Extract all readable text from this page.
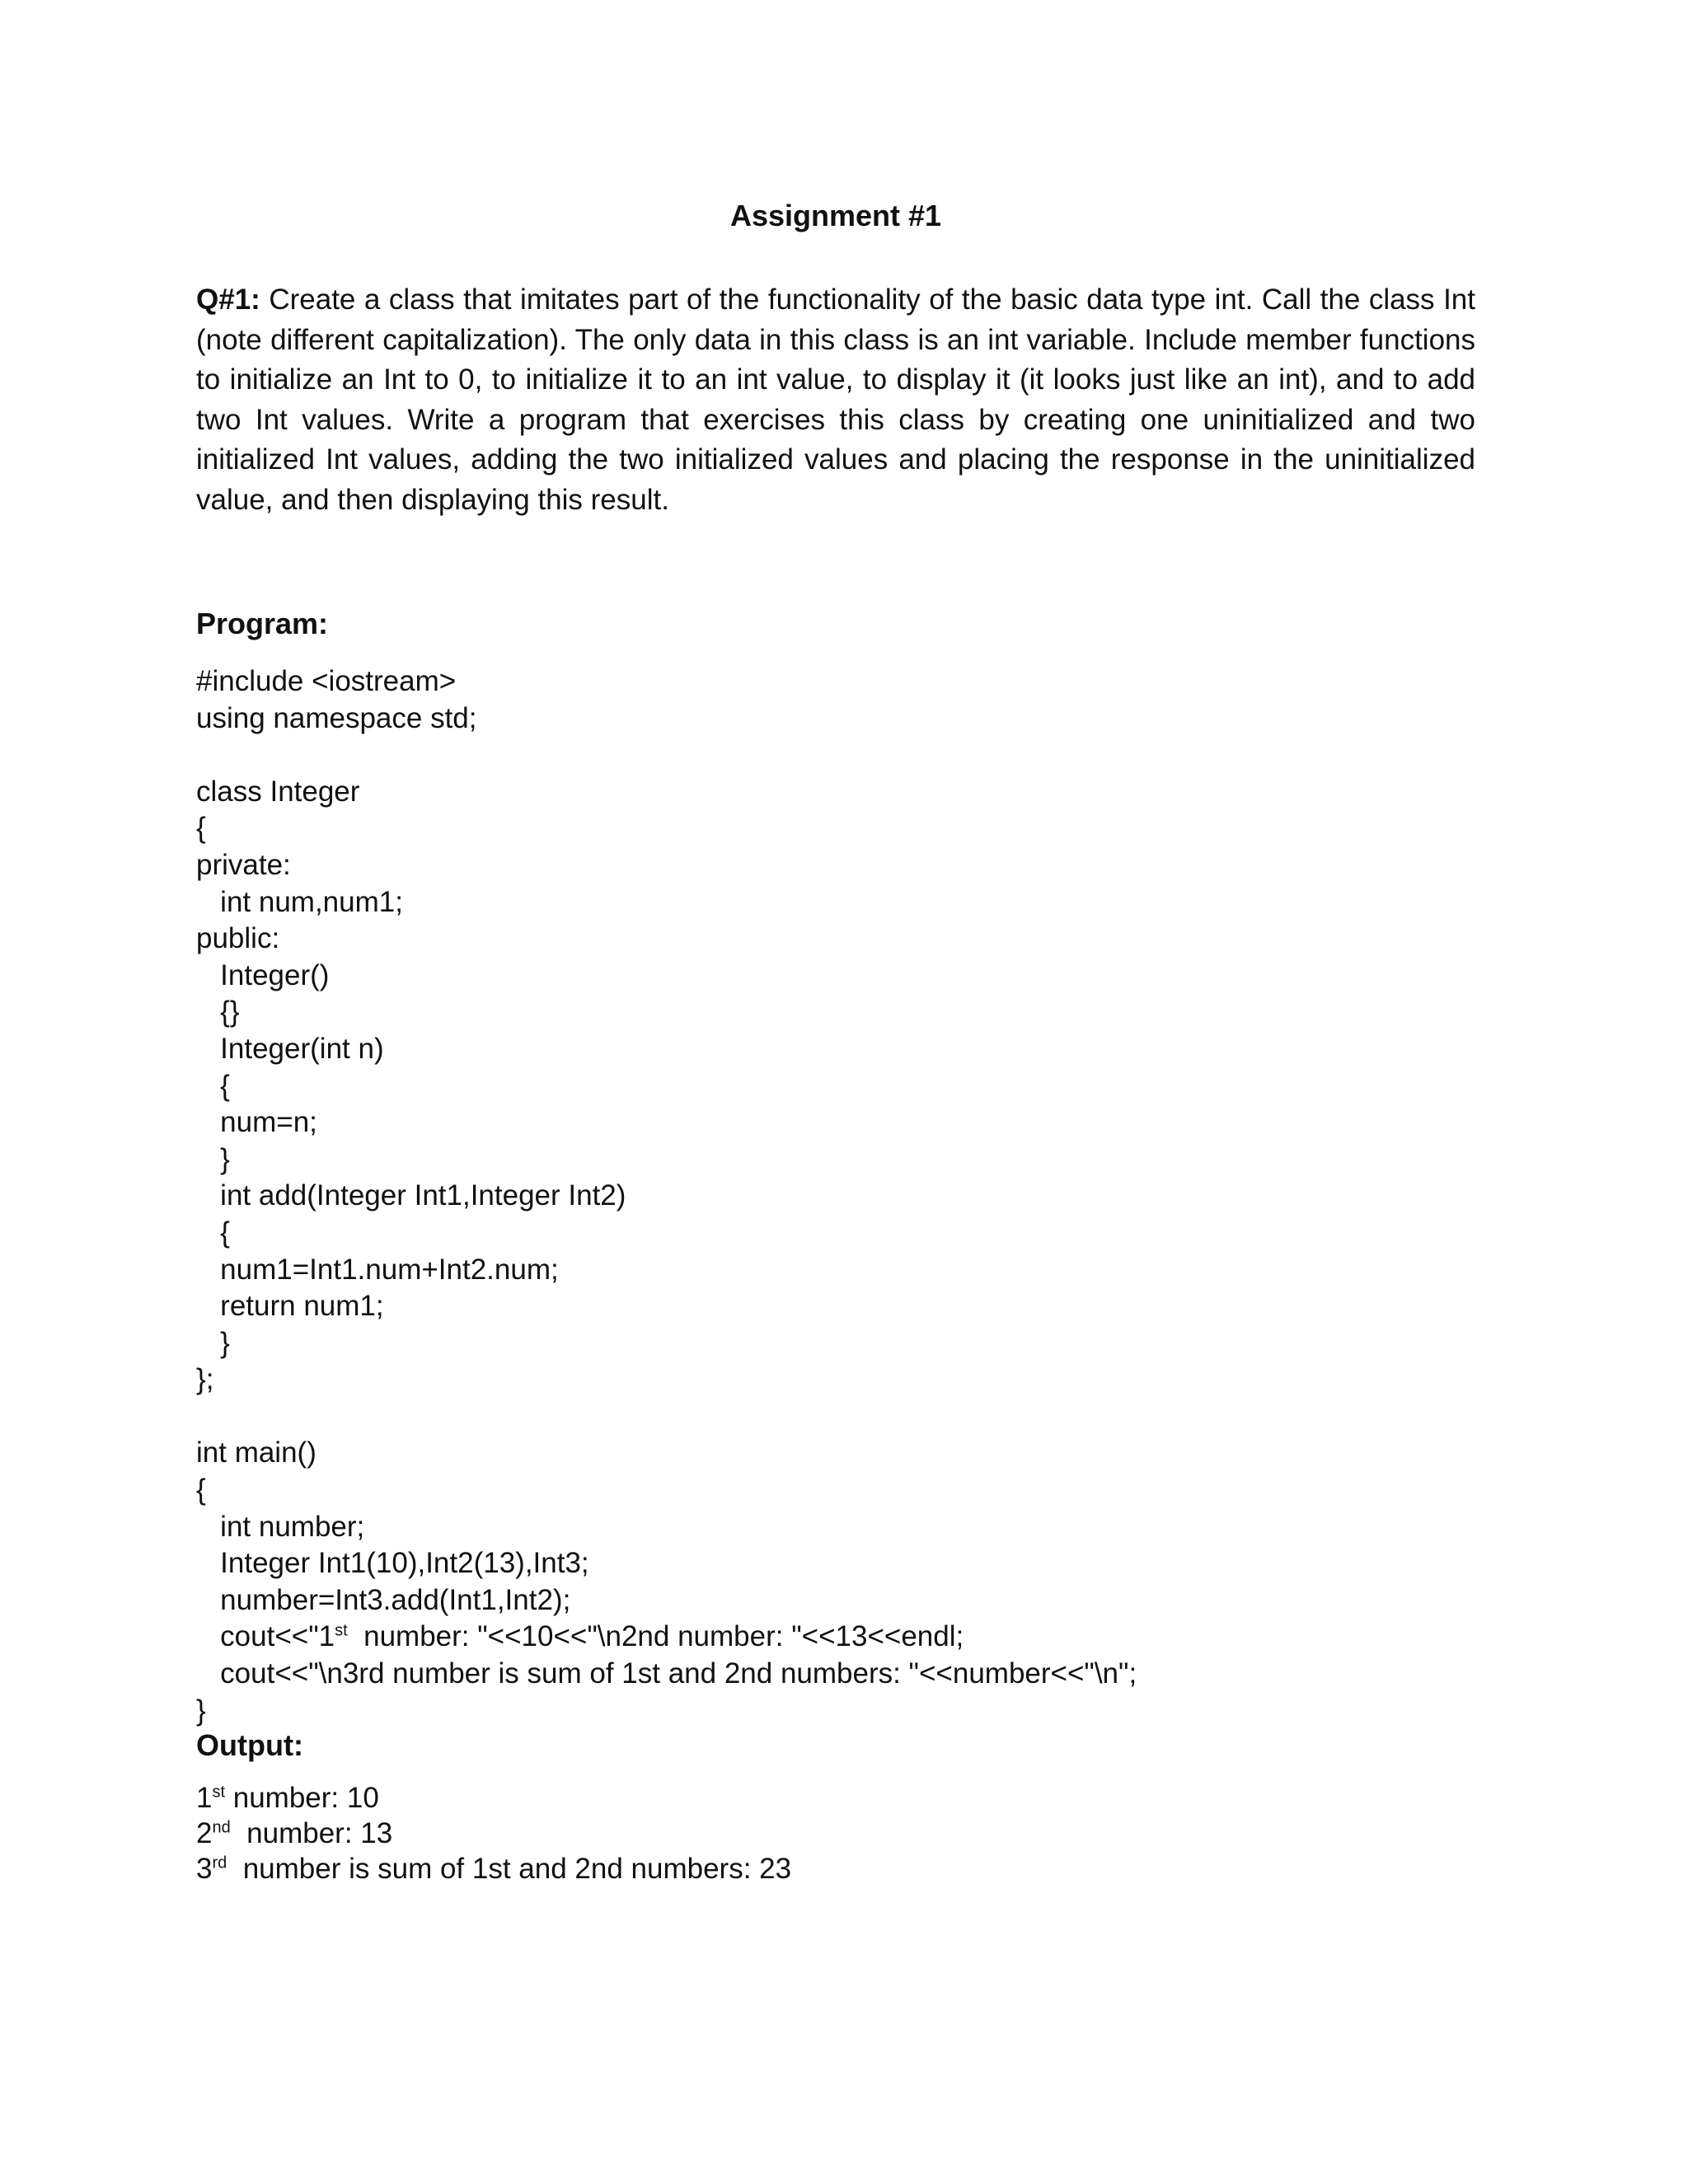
Assignment #1

Q#1: Create a class that imitates part of the functionality of the basic data type int. Call the class Int (note different capitalization). The only data in this class is an int variable. Include member functions to initialize an Int to 0, to initialize it to an int value, to display it (it looks just like an int), and to add two Int values. Write a program that exercises this class by creating one uninitialized and two initialized Int values, adding the two initialized values and placing the response in the uninitialized value, and then displaying this result.

Program:
#include <iostream>
using namespace std;
class Integer
{
private:
int num,num1;
public:
Integer()
{}
Integer(int n)
{
num=n;
}
int add(Integer Int1,Integer Int2)
{
num1=Int1.num+Int2.num;
return num1;
}
};
int main()
{
int number;
Integer Int1(10),Int2(13),Int3;
number=Int3.add(Int1,Int2);
cout<<"1st  number: "<<10<<"\n2nd number: "<<13<<endl;
cout<<"\n3rd number is sum of 1st and 2nd numbers: "<<number<<"\n";
}
Output:
1st number: 10
2nd  number: 13
3rd  number is sum of 1st and 2nd numbers: 23
